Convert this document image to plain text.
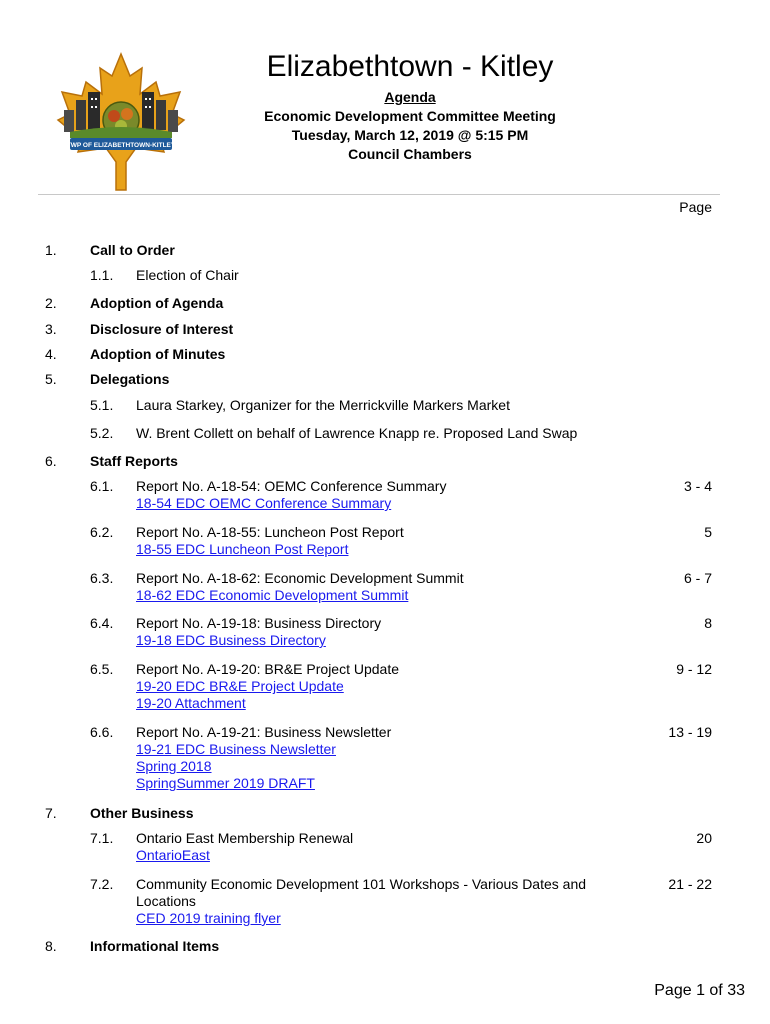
TWP OF ELIZABETHTOWN-KITLEY
Elizabethtown - Kitley
Agenda
Economic Development Committee Meeting
Tuesday, March 12, 2019 @ 5:15 PM
Council Chambers
Page
1. Call to Order
1.1. Election of Chair
2. Adoption of Agenda
3. Disclosure of Interest
4. Adoption of Minutes
5. Delegations
5.1. Laura Starkey, Organizer for the Merrickville Markers Market
5.2. W. Brent Collett on behalf of Lawrence Knapp re. Proposed Land Swap
6. Staff Reports
6.1. Report No. A-18-54: OEMC Conference Summary
18-54 EDC OEMC Conference Summary
3 - 4
6.2. Report No. A-18-55: Luncheon Post Report
18-55 EDC Luncheon Post Report
5
6.3. Report No. A-18-62: Economic Development Summit
18-62 EDC Economic Development Summit
6 - 7
6.4. Report No. A-19-18: Business Directory
19-18 EDC Business Directory
8
6.5. Report No. A-19-20: BR&E Project Update
19-20 EDC BR&E Project Update
19-20 Attachment
9 - 12
6.6. Report No. A-19-21: Business Newsletter
19-21 EDC Business Newsletter
Spring 2018
SpringSummer 2019 DRAFT
13 - 19
7. Other Business
7.1. Ontario East Membership Renewal
OntarioEast
20
7.2. Community Economic Development 101 Workshops - Various Dates and Locations
CED 2019 training flyer
21 - 22
8. Informational Items
Page 1 of 33
